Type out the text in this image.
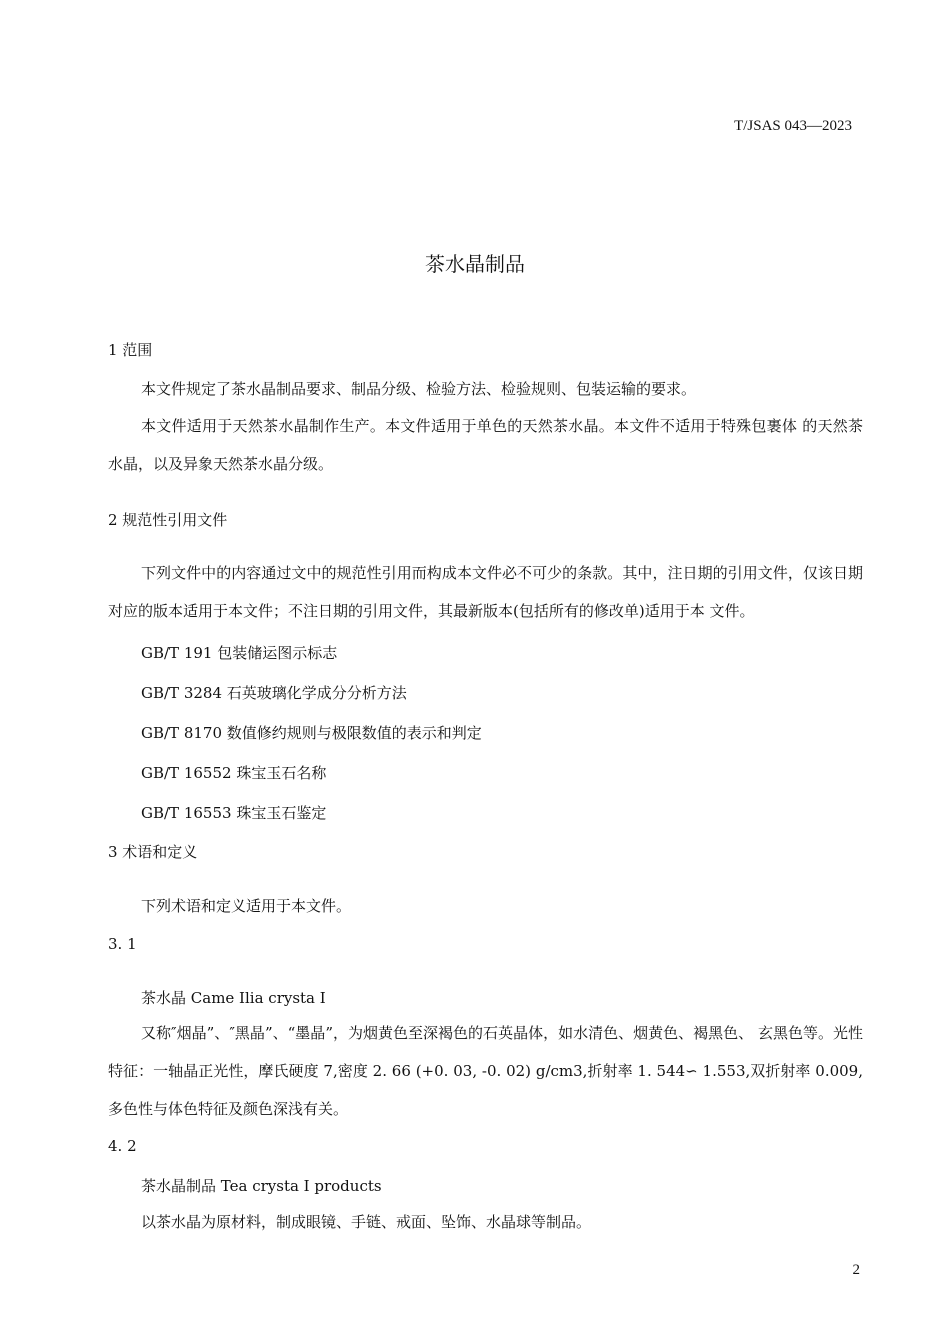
T/JSAS 043—2023
茶水晶制品
1 范围
本文件规定了茶水晶制品要求、制品分级、检验方法、检验规则、包装运输的要求。
本文件适用于天然茶水晶制作生产。本文件适用于单色的天然茶水晶。本文件不适用于特殊包裹体 的天然茶水晶，以及异象天然茶水晶分级。
2 规范性引用文件
下列文件中的内容通过文中的规范性引用而构成本文件必不可少的条款。其中，注日期的引用文件，仅该日期对应的版本适用于本文件；不注日期的引用文件，其最新版本(包括所有的修改单)适用于本 文件。
GB/T 191 包装储运图示标志
GB/T 3284 石英玻璃化学成分分析方法
GB/T 8170 数值修约规则与极限数值的表示和判定
GB/T 16552 珠宝玉石名称
GB/T 16553 珠宝玉石鉴定
3 术语和定义
下列术语和定义适用于本文件。
3. 1
茶水晶 Came Ilia crysta I
又称″烟晶”、″黑晶”、“墨晶”，为烟黄色至深褐色的石英晶体，如水清色、烟黄色、褐黑色、 玄黑色等。光性特征：一轴晶正光性，摩氏硬度 7,密度 2. 66 (+0. 03, -0. 02) g/cm3,折射率 1. 544∽ 1.553,双折射率 0.009,多色性与体色特征及颜色深浅有关。
4. 2
茶水晶制品 Tea crysta I products
以茶水晶为原材料，制成眼镜、手链、戒面、坠饰、水晶球等制品。
2
